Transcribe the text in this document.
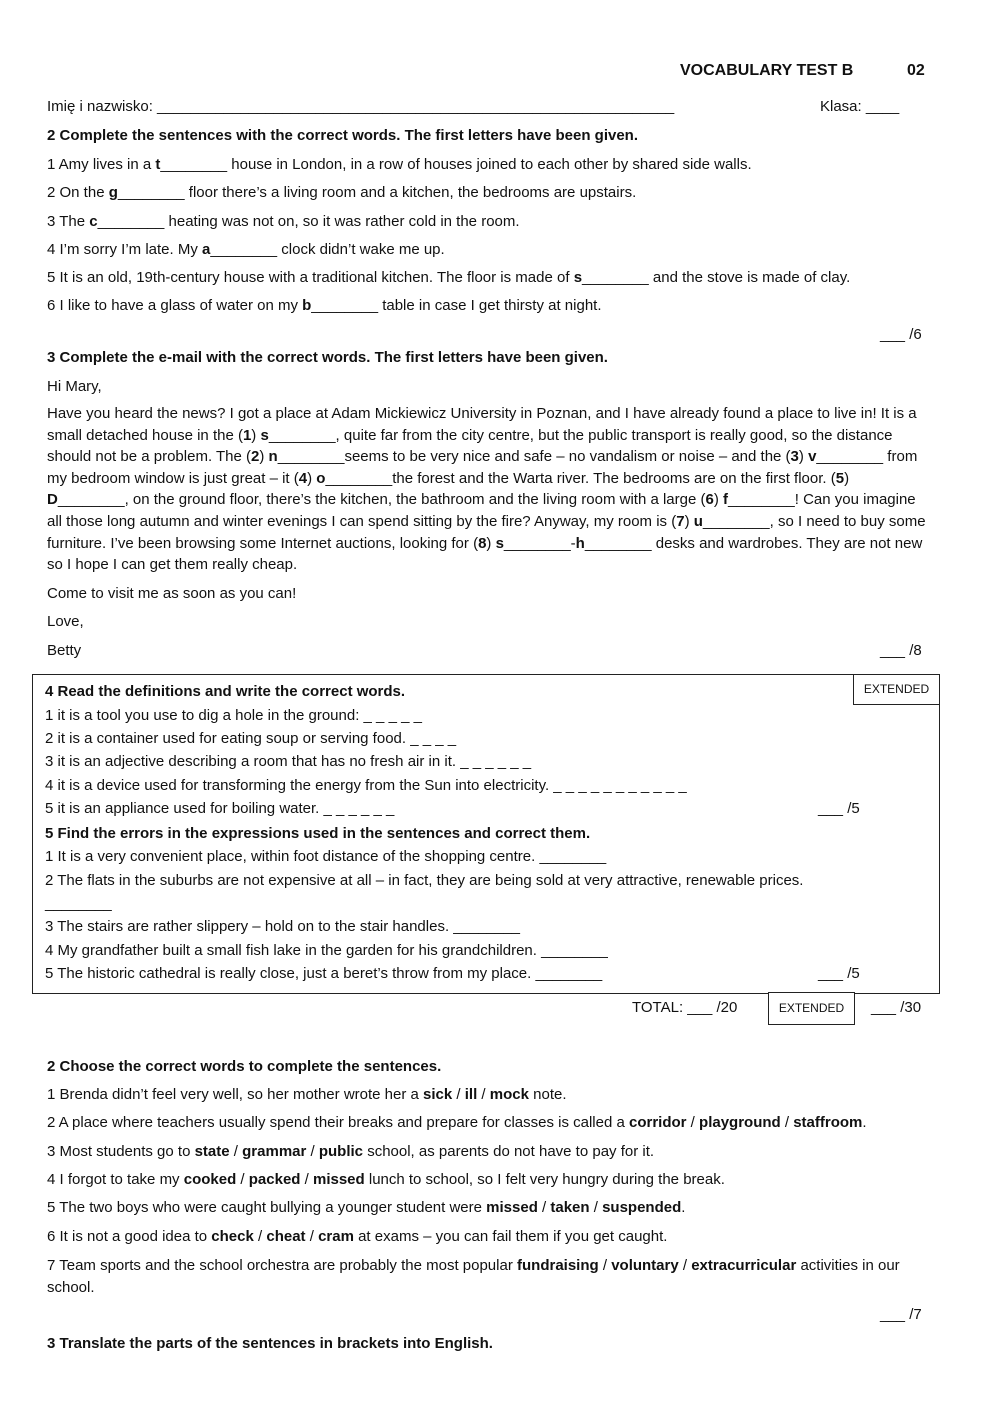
VOCABULARY TEST B	02
Imię i nazwisko: ______________________________________________________________	Klasa: ____
2 Complete the sentences with the correct words. The first letters have been given.
1 Amy lives in a t________ house in London, in a row of houses joined to each other by shared side walls.
2 On the g________ floor there’s a living room and a kitchen, the bedrooms are upstairs.
3 The c________ heating was not on, so it was rather cold in the room.
4 I’m sorry I’m late. My a________ clock didn’t wake me up.
5 It is an old, 19th-century house with a traditional kitchen. The floor is made of s________ and the stove is made of clay.
6 I like to have a glass of water on my b________ table in case I get thirsty at night.
___ /6
3 Complete the e-mail with the correct words. The first letters have been given.
Hi Mary,
Have you heard the news? I got a place at Adam Mickiewicz University in Poznan, and I have already found a place to live in! It is a small detached house in the (1) s________, quite far from the city centre, but the public transport is really good, so the distance should not be a problem. The (2) n________seems to be very nice and safe – no vandalism or noise – and the (3) v________ from my bedroom window is just great – it (4) o________the forest and the Warta river. The bedrooms are on the first floor. (5) D________, on the ground floor, there’s the kitchen, the bathroom and the living room with a large (6) f________! Can you imagine all those long autumn and winter evenings I can spend sitting by the fire? Anyway, my room is (7) u________, so I need to buy some furniture. I’ve been browsing some Internet auctions, looking for (8) s________-h________ desks and wardrobes. They are not new so I hope I can get them really cheap.
Come to visit me as soon as you can!
Love,
Betty	___ /8
EXTENDED
4 Read the definitions and write the correct words.
1 it is a tool you use to dig a hole in the ground: _ _ _ _ _
2 it is a container used for eating soup or serving food. _ _ _ _
3 it is an adjective describing a room that has no fresh air in it. _ _ _ _ _ _
4 it is a device used for transforming the energy from the Sun into electricity. _ _ _ _ _ _ _ _ _ _ _
5 it is an appliance used for boiling water. _ _ _ _ _ _	___ /5
5 Find the errors in the expressions used in the sentences and correct them.
1 It is a very convenient place, within foot distance of the shopping centre. ________
2 The flats in the suburbs are not expensive at all – in fact, they are being sold at very attractive, renewable prices.
________
3 The stairs are rather slippery – hold on to the stair handles. ________
4 My grandfather built a small fish lake in the garden for his grandchildren. ________
5 The historic cathedral is really close, just a beret’s throw from my place. ________	___ /5
TOTAL: ___ /20	EXTENDED	___ /30
2 Choose the correct words to complete the sentences.
1 Brenda didn’t feel very well, so her mother wrote her a sick / ill / mock note.
2 A place where teachers usually spend their breaks and prepare for classes is called a corridor / playground / staffroom.
3 Most students go to state / grammar / public school, as parents do not have to pay for it.
4 I forgot to take my cooked / packed / missed lunch to school, so I felt very hungry during the break.
5 The two boys who were caught bullying a younger student were missed / taken / suspended.
6 It is not a good idea to check / cheat / cram at exams – you can fail them if you get caught.
7 Team sports and the school orchestra are probably the most popular fundraising / voluntary / extracurricular activities in our school.
___ /7
3 Translate the parts of the sentences in brackets into English.
